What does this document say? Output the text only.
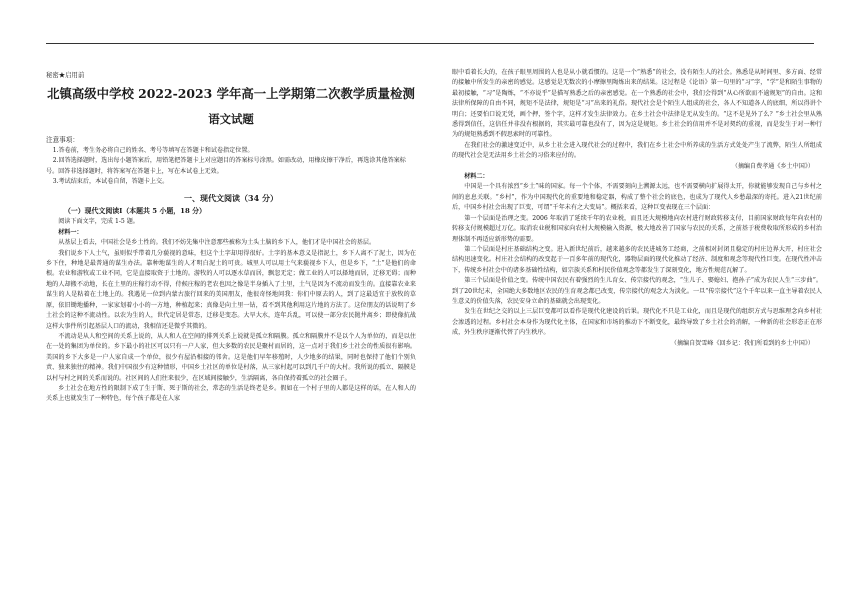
秘密★启用前
北镇高级中学校 2022-2023 学年高一上学期第二次教学质量检测
语文试题
注意事项：
1.答卷前，考生务必将自己的姓名、考号等填写在答题卡和试卷指定位置。
2.回答选择题时，选出每小题答案后，用铅笔把答题卡上对应题目的答案标号涂黑。如需改动，用橡皮擦干净后，再选涂其他答案标号。回答非选择题时，将答案写在答题卡上，写在本试卷上无效。
3.考试结束后，本试卷自留，答题卡上交。
一、现代文阅读（34 分）
（一）现代文阅读Ⅰ（本题共 5 小题，18 分）
阅读下面文字，完成 1-5 题。
材料一：
从基层上看去，中国社会是乡土性的。我们不妨先集中注意那些被称为土头土脑的乡下人，他们才是中国社会的基层。
我们说乡下人土气，虽则似乎带着几分藐视的意味，但这个土字却用得很好。土字的基本意义是指泥土，乡下人离不了泥土，因为在乡下住，种地是最普通的谋生办法。靠种地谋生的人才明白泥土的可贵。城里人可以用土气来藐视乡下人，但是乡下，“土”是他们的命根。农业和游牧或工业不同，它是直接取资于土地的。游牧的人可以逐水草而居，飘忽无定；做工业的人可以择地而居，迁移无碍；而种地的人却搬不动地，长在土里的庄稼行动不得，侍候庄稼的老农也因之像是半身插入了土里，土气是因为不流动而发生的。直接靠农业来谋生的人是粘着在土地上的。我遇见一位到内蒙古旅行回来的美国朋友，他很奇怪地问我：你们中原去的人，到了这最适宜于放牧的草原，依旧锄地播种，一家家划着小小的一方地，种植起来；真像是向土里一钻，看不到其他利用这片地的方法了。这位朋友的话说明了乡土社会的这种不流动性。以农为生的人，世代定居是常态，迁移是变态。大旱大水，连年兵乱，可以使一部分农民抛井离乡；即使像抗战这样大事件所引起基层人口的流动，我相信还是微乎其微的。
不流动是从人和空间的关系上说的，从人和人在空间的排列关系上说就是孤立和隔膜。孤立和隔膜并不是以个人为单位的，而是以住在一处的集团为单位的。乡下最小的社区可以只有一户人家，但大多数的农民是聚村而居的，这一点对于我们乡土社会的性质很有影响。美国的乡下大多是一户人家自成一个单位，很少有屋沿相接的邻舍。这是他们早年移殖时，人少地多的结果，同时也保持了他们个别负责、独来独往的精神。我们中国很少有这种情形，中国乡土社区的单位是村落，从三家村起可以到几千户的大村。我所说的孤立、隔膜是以村与村之间的关系而说的。社区间的人们往来很少，在区域间接触少，生活隔离，各自保持着孤立的社会圈子。
乡土社会在地方性的限制下成了生于斯、死于斯的社会，常态的生活是终老是乡。假如在一个村子里的人都是这样的话，在人和人的关系上也就发生了一种特色，每个孩子都是在人家
眼中看着长大的，在孩子眼里周围的人也是从小就看惯的。这是一个“熟悉”的社会，没有陌生人的社会。熟悉是从时间里、多方面、经常的接触中所发生的亲密的感觉。这感觉是无数次的小摩擦里陶炼出来的结果。这过程是《论语》第一句里的“习”字，“学”是和陌生事物的最初接触，“习”是陶炼，“不亦说乎”是描写熟悉之后的亲密感觉。在一个熟悉的社会中，我们会得到“从心所欲而不逾规矩”的自由。这和法律所保障的自由不同，规矩不是法律，规矩是“习”出来的礼俗。现代社会是个陌生人组成的社会，各人不知道各人的底细，所以得讲个明白；还要怕口说无凭，画个押，签个字，这样才发生法律效力。在乡土社会中法律是无从发生的。“这不是见外了么？”乡土社会里从熟悉得到信任，这信任并非没有根据的，其实最可靠也没有了，因为这是规矩。乡土社会的信用并不是对契约的重视，而是发生于对一种行为的规矩熟悉到不假思索时的可靠性。
在我们社会的激速变迁中，从乡土社会进入现代社会的过程中，我们在乡土社会中所养成的生活方式处处产生了流弊，陌生人所组成的现代社会是无法用乡土社会的习俗来应付的。
（摘编自费孝通《乡土中国》）
材料二：
中国是一个具有浓烈“乡土”味的国家。每一个个体，不需要刻向上溯源太远，也不需要横向扩展得太开，你就能够发现自己与乡村之间的息息关联。“乡村”，作为中国现代化的重要地和稳定器，构成了整个社会的底色，也成为了现代人乡愁最深的寄托。进入21世纪前后，中国乡村社会出现了巨变，可谓“千年未有之大变局”。概括来看，这种巨变表现在三个层面：
第一个层面是治理之变。2006 年取消了延续千年的农业税，而且还大规模地向农村进行财政转移支付，目前国家财政每年向农村的转移支付规模超过万亿。取消农业税和国家向农村大规模输入资源，极大地改善了国家与农民的关系，之前基于税费收取所形成的乡村治理体制不再适应新形势的需要。
第二个层面是村庄基础结构之变。进入新世纪前后，越来越多的农民进城务工经商，之前相对封闭且稳定的村庄边界大开，村庄社会结构迅速变化。村庄社会结构的改变起于一百多年前的现代化，器物层面的现代化推动了经济、制度和观念等现代性巨变。在现代性冲击下，传统乡村社会中的诸多基础性结构，如宗族关系和村民价值观念等都发生了深刻变化，地方性规范瓦解了。
第三个层面是价值之变。传统中国农民有着强烈的生儿育女、传宗接代的观念，“生儿子、娶媳妇、抱孙子”成为农民人生“三步曲”。到了20世纪末，全国绝大多数地区农民的生育观念都已改变，传宗接代的观念大为淡化。一旦“传宗接代”这个千年以来一直主导着农民人生意义的价值失落，农民安身立命的基础就会出现变化。
发生在世纪之交的以上三层巨变都可以看作是现代化建设的后果。现代化不只是工业化，而且是现代的组织方式与思维理念向乡村社会渗透的过程。乡村社会本身作为现代化主体，在国家和市场的推动下不断变化，最终导致了乡土社会的消解，一种新的社会形态正在形成，外生秩序逐渐代替了内生秩序。
（摘编自贺雪峰《回乡记：我们所看到的乡土中国》）
